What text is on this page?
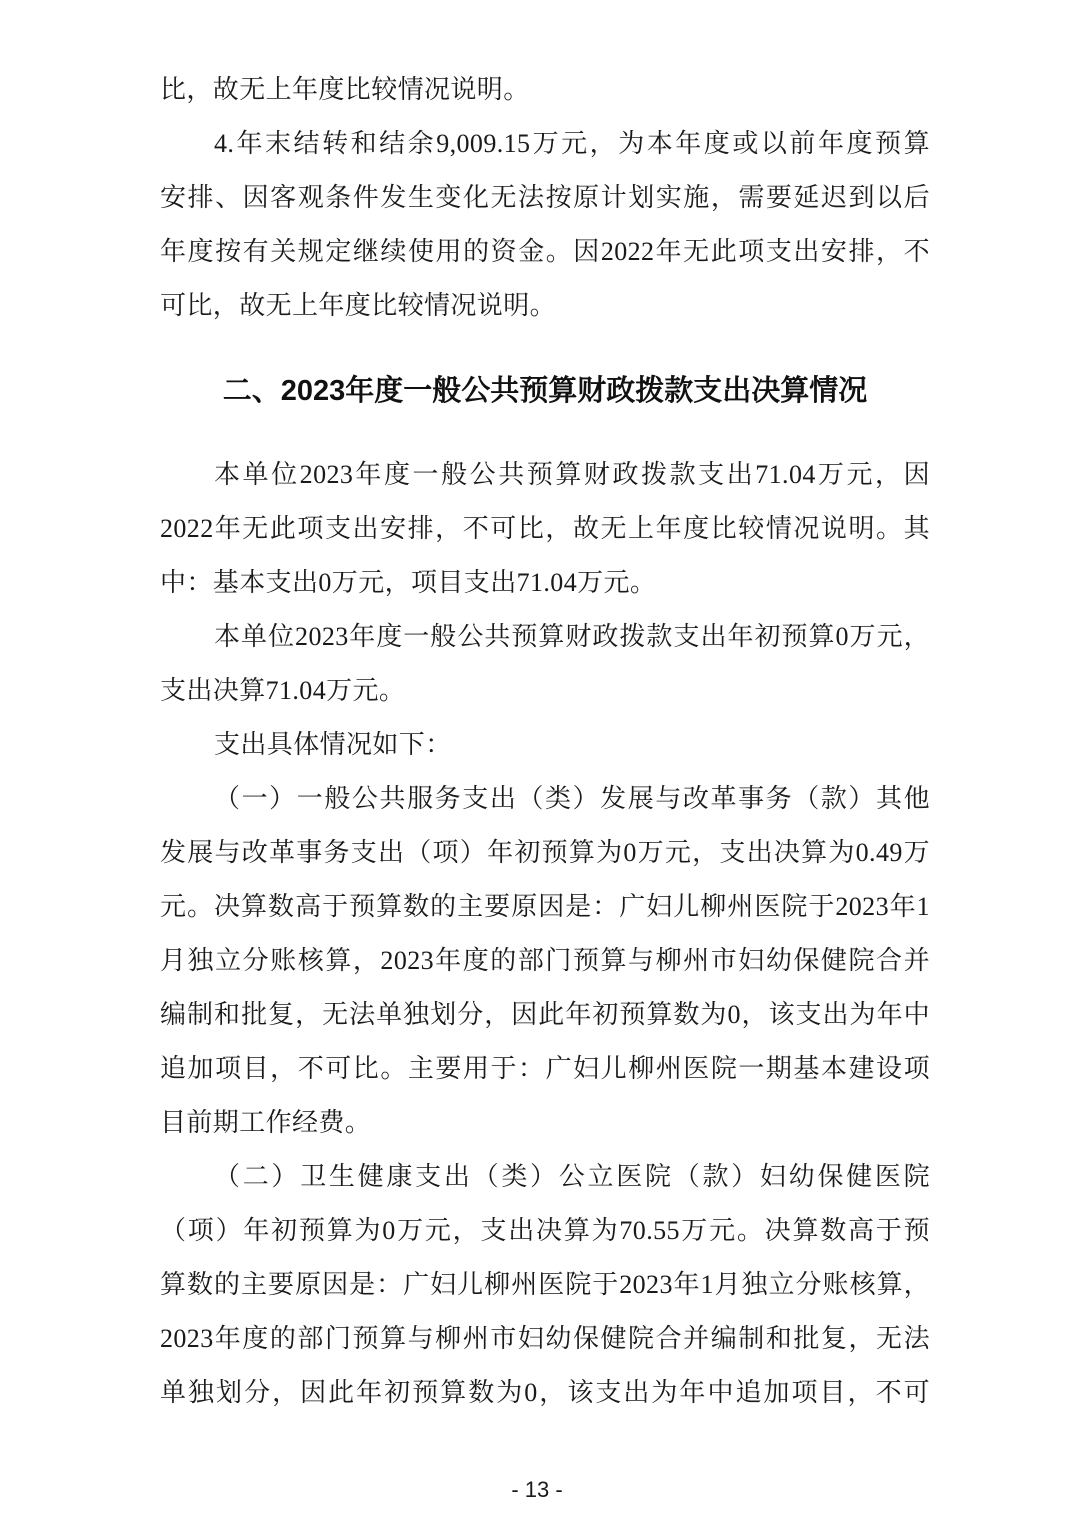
比，故无上年度比较情况说明。
4.年末结转和结余9,009.15万元，为本年度或以前年度预算
安排、因客观条件发生变化无法按原计划实施，需要延迟到以后
年度按有关规定继续使用的资金。因2022年无此项支出安排，不
可比，故无上年度比较情况说明。
二、2023年度一般公共预算财政拨款支出决算情况
本单位2023年度一般公共预算财政拨款支出71.04万元，因
2022年无此项支出安排，不可比，故无上年度比较情况说明。其
中：基本支出0万元，项目支出71.04万元。
本单位2023年度一般公共预算财政拨款支出年初预算0万元，
支出决算71.04万元。
支出具体情况如下：
（一）一般公共服务支出（类）发展与改革事务（款）其他
发展与改革事务支出（项）年初预算为0万元，支出决算为0.49万
元。决算数高于预算数的主要原因是：广妇儿柳州医院于2023年1
月独立分账核算，2023年度的部门预算与柳州市妇幼保健院合并
编制和批复，无法单独划分，因此年初预算数为0，该支出为年中
追加项目，不可比。主要用于：广妇儿柳州医院一期基本建设项
目前期工作经费。
（二）卫生健康支出（类）公立医院（款）妇幼保健医院
（项）年初预算为0万元，支出决算为70.55万元。决算数高于预
算数的主要原因是：广妇儿柳州医院于2023年1月独立分账核算，
2023年度的部门预算与柳州市妇幼保健院合并编制和批复，无法
单独划分，因此年初预算数为0，该支出为年中追加项目，不可
- 13 -
